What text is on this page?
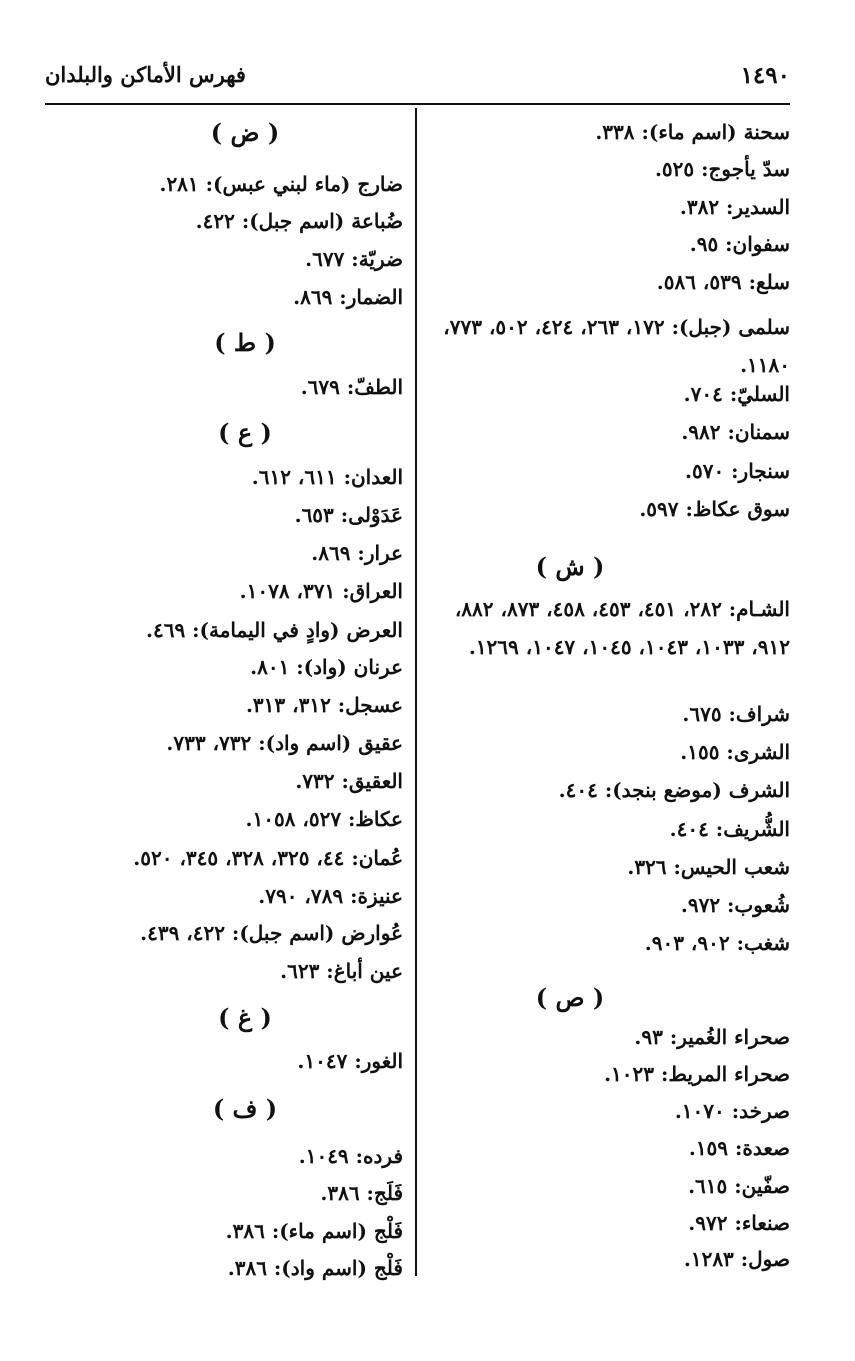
١٤٩٠
فهرس الأماكن والبلدان
سحنة (اسم ماء): ٣٣٨.
سدّ يأجوج: ٥٢٥.
السدير: ٣٨٢.
سفوان: ٩٥.
سلع: ٥٣٩، ٥٨٦.
سلمى (جبل): ١٧٢، ٢٦٣، ٤٢٤، ٥٠٢، ٧٧٣، ١١٨٠.
السليّ: ٧٠٤.
سمنان: ٩٨٢.
سنجار: ٥٧٠.
سوق عكاظ: ٥٩٧.
( ش )
الشـام: ٢٨٢، ٤٥١، ٤٥٣، ٤٥٨، ٨٧٣، ٨٨٢، ٩١٢، ١٠٣٣، ١٠٤٣، ١٠٤٥، ١٠٤٧، ١٢٦٩.
شراف: ٦٧٥.
الشرى: ١٥٥.
الشرف (موضع بنجد): ٤٠٤.
الشُّريف: ٤٠٤.
شعب الحيس: ٣٢٦.
شُعوب: ٩٧٢.
شغب: ٩٠٢، ٩٠٣.
( ص )
صحراء الغُمير: ٩٣.
صحراء المريط: ١٠٢٣.
صرخد: ١٠٧٠.
صعدة: ١٥٩.
صفّين: ٦١٥.
صنعاء: ٩٧٢.
صول: ١٢٨٣.
( ض )
ضارج (ماء لبني عبس): ٢٨١.
ضُباعة (اسم جبل): ٤٢٢.
ضريّة: ٦٧٧.
الضمار: ٨٦٩.
( ط )
الطفّ: ٦٧٩.
( ع )
العدان: ٦١١، ٦١٢.
عَدَوْلى: ٦٥٣.
عرار: ٨٦٩.
العراق: ٣٧١، ١٠٧٨.
العرض (وادٍ في اليمامة): ٤٦٩.
عرنان (واد): ٨٠١.
عسجل: ٣١٢، ٣١٣.
عقيق (اسم واد): ٧٣٢، ٧٣٣.
العقيق: ٧٣٢.
عكاظ: ٥٢٧، ١٠٥٨.
عُمان: ٤٤، ٣٢٥، ٣٢٨، ٣٤٥، ٥٢٠.
عنيزة: ٧٨٩، ٧٩٠.
عُوارض (اسم جبل): ٤٢٢، ٤٣٩.
عين أباغ: ٦٢٣.
( غ )
الغور: ١٠٤٧.
( ف )
فرده: ١٠٤٩.
فَلَج: ٣٨٦.
فَلْج (اسم ماء): ٣٨٦.
فَلْج (اسم واد): ٣٨٦.
